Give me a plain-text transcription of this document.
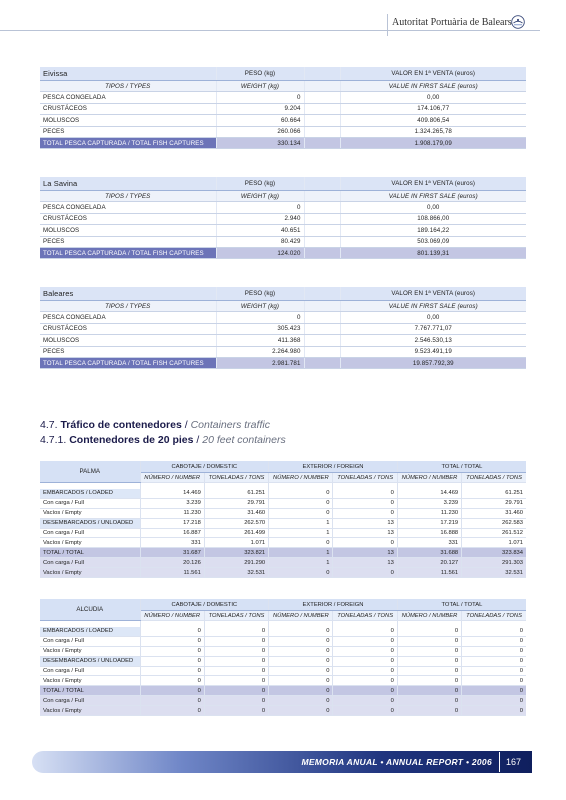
Autoritat Portuària de Balears
Eivissa	PESO (kg)		VALOR EN 1ª VENTA (euros)
TIPOS / TYPES	WEIGHT (kg)		VALUE IN FIRST SALE (euros)
PESCA CONGELADA	0		0,00
CRUSTÁCEOS	9.204		174.106,77
MOLUSCOS	60.664		409.806,54
PECES	260.066		1.324.265,78
TOTAL PESCA CAPTURADA / TOTAL FISH CAPTURES	330.134		1.908.179,09
La Savina	PESO (kg)		VALOR EN 1ª VENTA (euros)
TIPOS / TYPES	WEIGHT (kg)		VALUE IN FIRST SALE (euros)
PESCA CONGELADA	0		0,00
CRUSTÁCEOS	2.940		108.866,00
MOLUSCOS	40.651		189.164,22
PECES	80.429		503.069,09
TOTAL PESCA CAPTURADA / TOTAL FISH CAPTURES	124.020		801.139,31
Baleares	PESO (kg)		VALOR EN 1ª VENTA (euros)
TIPOS / TYPES	WEIGHT (kg)		VALUE IN FIRST SALE (euros)
PESCA CONGELADA	0		0,00
CRUSTÁCEOS	305.423		7.767.771,07
MOLUSCOS	411.368		2.546.530,13
PECES	2.264.980		9.523.491,19
TOTAL PESCA CAPTURADA / TOTAL FISH CAPTURES	2.981.781		19.857.792,39
4.7. Tráfico de contenedores / Containers traffic
4.7.1. Contenedores de 20 pies / 20 feet containers
PALMA	CABOTAJE / DOMESTIC		EXTERIOR / FOREIGN		TOTAL / TOTAL	
	NÚMERO / NUMBER	TONELADAS / TONS	NÚMERO / NUMBER	TONELADAS / TONS	NÚMERO / NUMBER	TONELADAS / TONS

EMBARCADOS / LOADED	14.469	61.251	0	0	14.469	61.251
Con carga / Full	3.239	29.791	0	0	3.239	29.791
Vacíos / Empty	11.230	31.460	0	0	11.230	31.460
DESEMBARCADOS / UNLOADED	17.218	262.570	1	13	17.219	262.583
Con carga / Full	16.887	261.499	1	13	16.888	261.512
Vacíos / Empty	331	1.071	0	0	331	1.071
TOTAL / TOTAL	31.687	323.821	1	13	31.688	323.834
Con carga / Full	20.126	291.290	1	13	20.127	291.303
Vacíos / Empty	11.561	32.531	0	0	11.561	32.531
ALCUDIA	CABOTAJE / DOMESTIC		EXTERIOR / FOREIGN		TOTAL / TOTAL	
	NÚMERO / NUMBER	TONELADAS / TONS	NÚMERO / NUMBER	TONELADAS / TONS	NÚMERO / NUMBER	TONELADAS / TONS

EMBARCADOS / LOADED	0	0	0	0	0	0
Con carga / Full	0	0	0	0	0	0
Vacíos / Empty	0	0	0	0	0	0
DESEMBARCADOS / UNLOADED	0	0	0	0	0	0
Con carga / Full	0	0	0	0	0	0
Vacíos / Empty	0	0	0	0	0	0
TOTAL / TOTAL	0	0	0	0	0	0
Con carga / Full	0	0	0	0	0	0
Vacíos / Empty	0	0	0	0	0	0
MEMORIA ANUAL • ANNUAL REPORT • 2006 167
